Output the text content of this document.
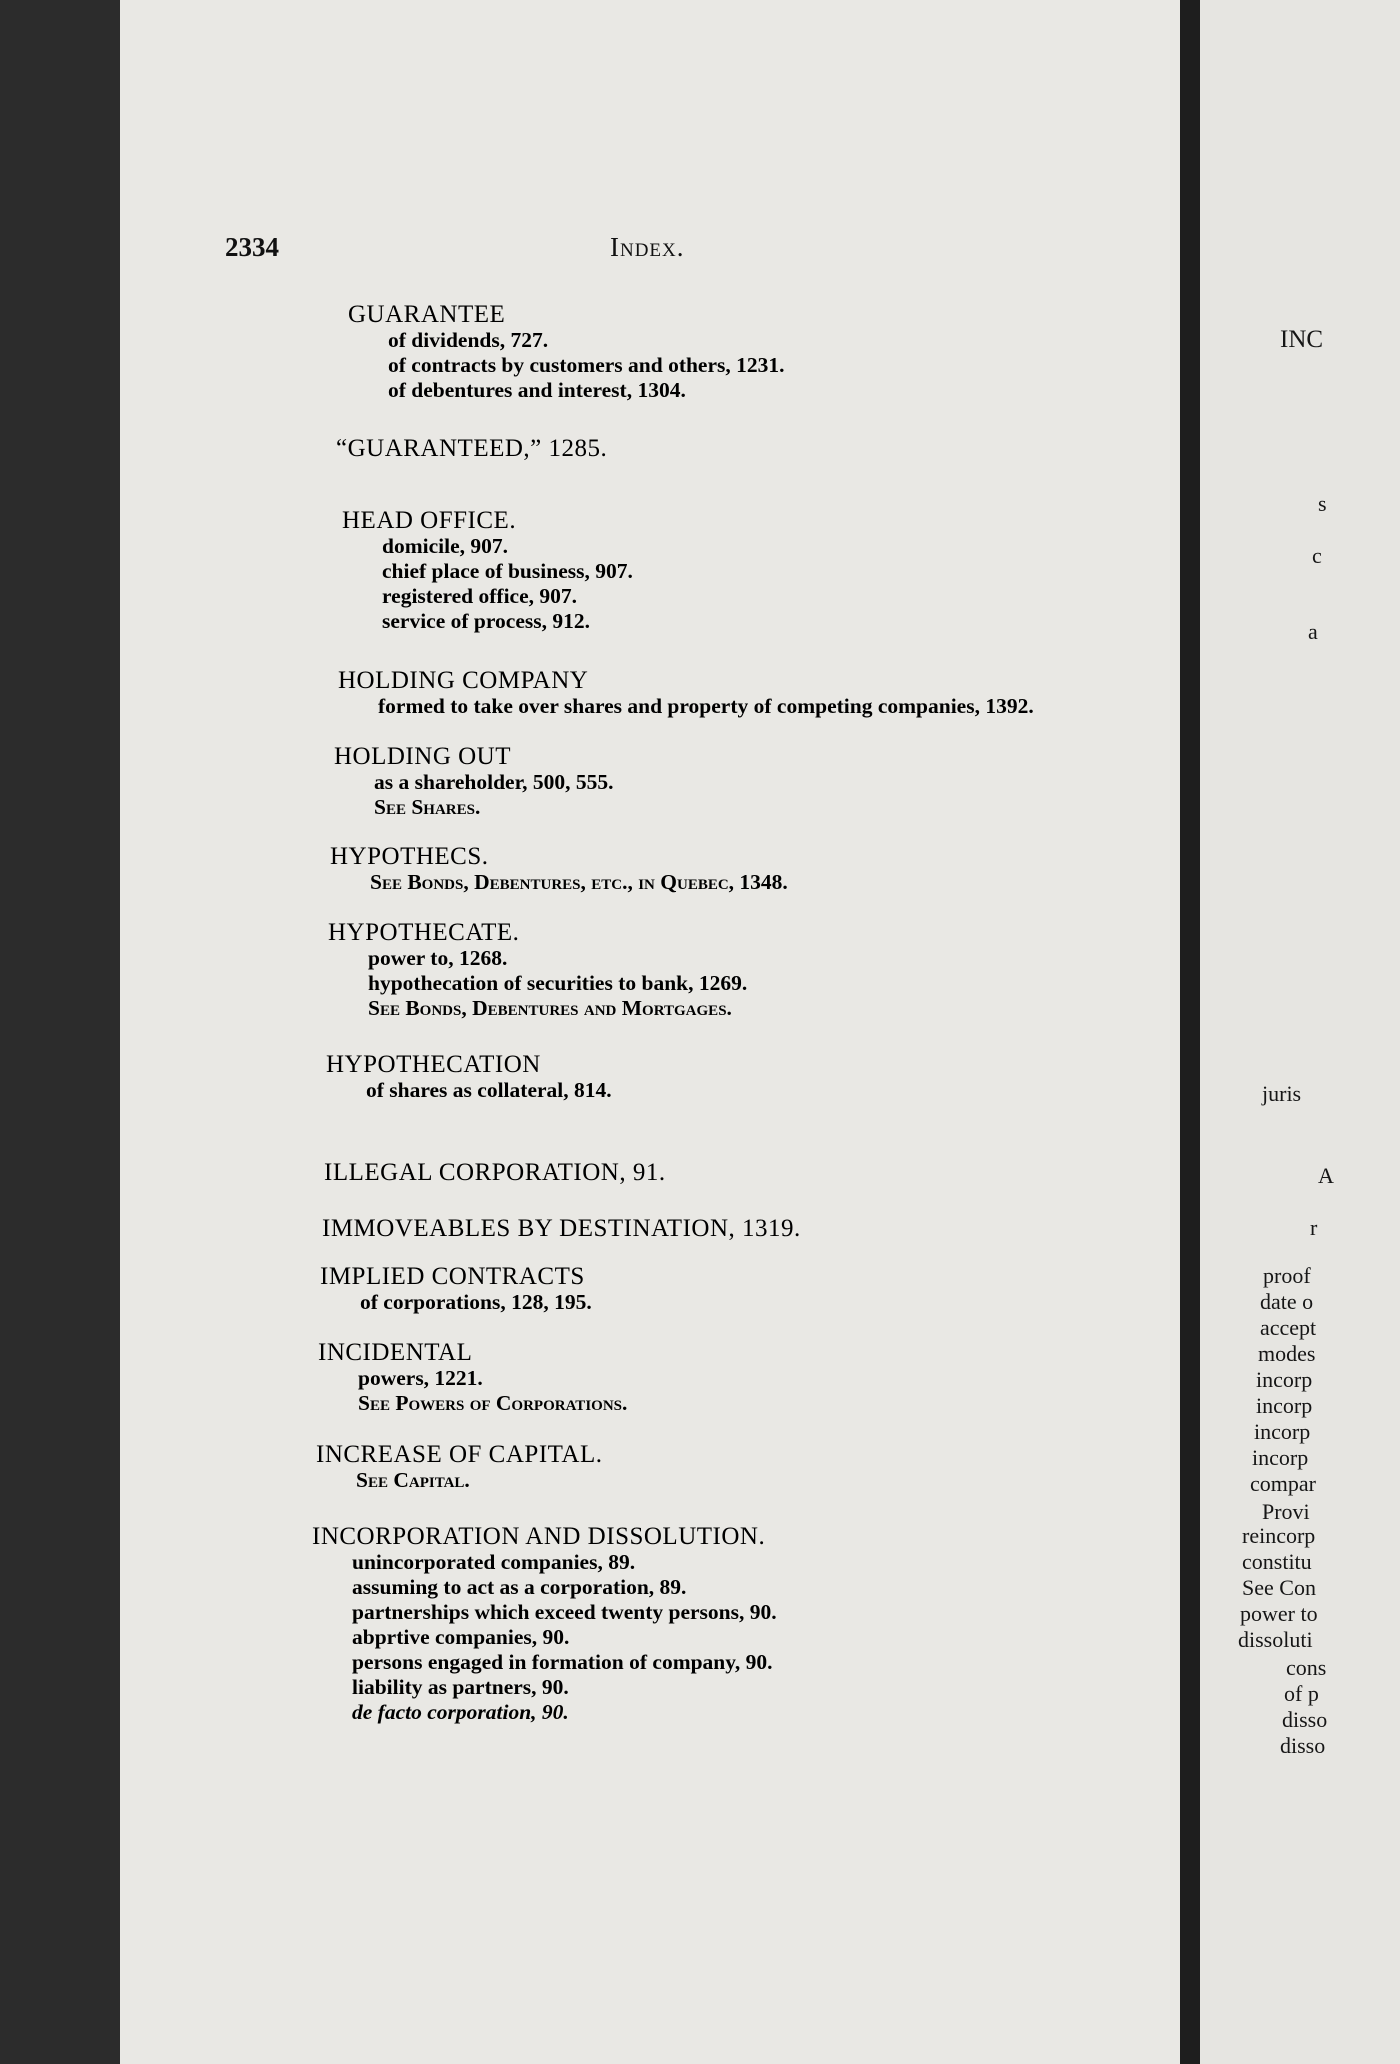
INC
s
c
a
juris
A
r
proof
date o
accept
modes
incorp
incorp
incorp
incorp
compar
Provi
reincorp
constitu
See Con
power to
dissoluti
cons
of p
disso
disso
2334	Index.
GUARANTEE
of dividends, 727.
of contracts by customers and others, 1231.
of debentures and interest, 1304.
“GUARANTEED,” 1285.
HEAD OFFICE.
domicile, 907.
chief place of business, 907.
registered office, 907.
service of process, 912.
HOLDING COMPANY
formed to take over shares and property of competing companies, 1392.
HOLDING OUT
as a shareholder, 500, 555.
See Shares.
HYPOTHECS.
See Bonds, Debentures, etc., in Quebec, 1348.
HYPOTHECATE.
power to, 1268.
hypothecation of securities to bank, 1269.
See Bonds, Debentures and Mortgages.
HYPOTHECATION
of shares as collateral, 814.
ILLEGAL CORPORATION, 91.
IMMOVEABLES BY DESTINATION, 1319.
IMPLIED CONTRACTS
of corporations, 128, 195.
INCIDENTAL
powers, 1221.
See Powers of Corporations.
INCREASE OF CAPITAL.
See Capital.
INCORPORATION AND DISSOLUTION.
unincorporated companies, 89.
assuming to act as a corporation, 89.
partnerships which exceed twenty persons, 90.
abprtive companies, 90.
persons engaged in formation of company, 90.
liability as partners, 90.
de facto corporation, 90.
